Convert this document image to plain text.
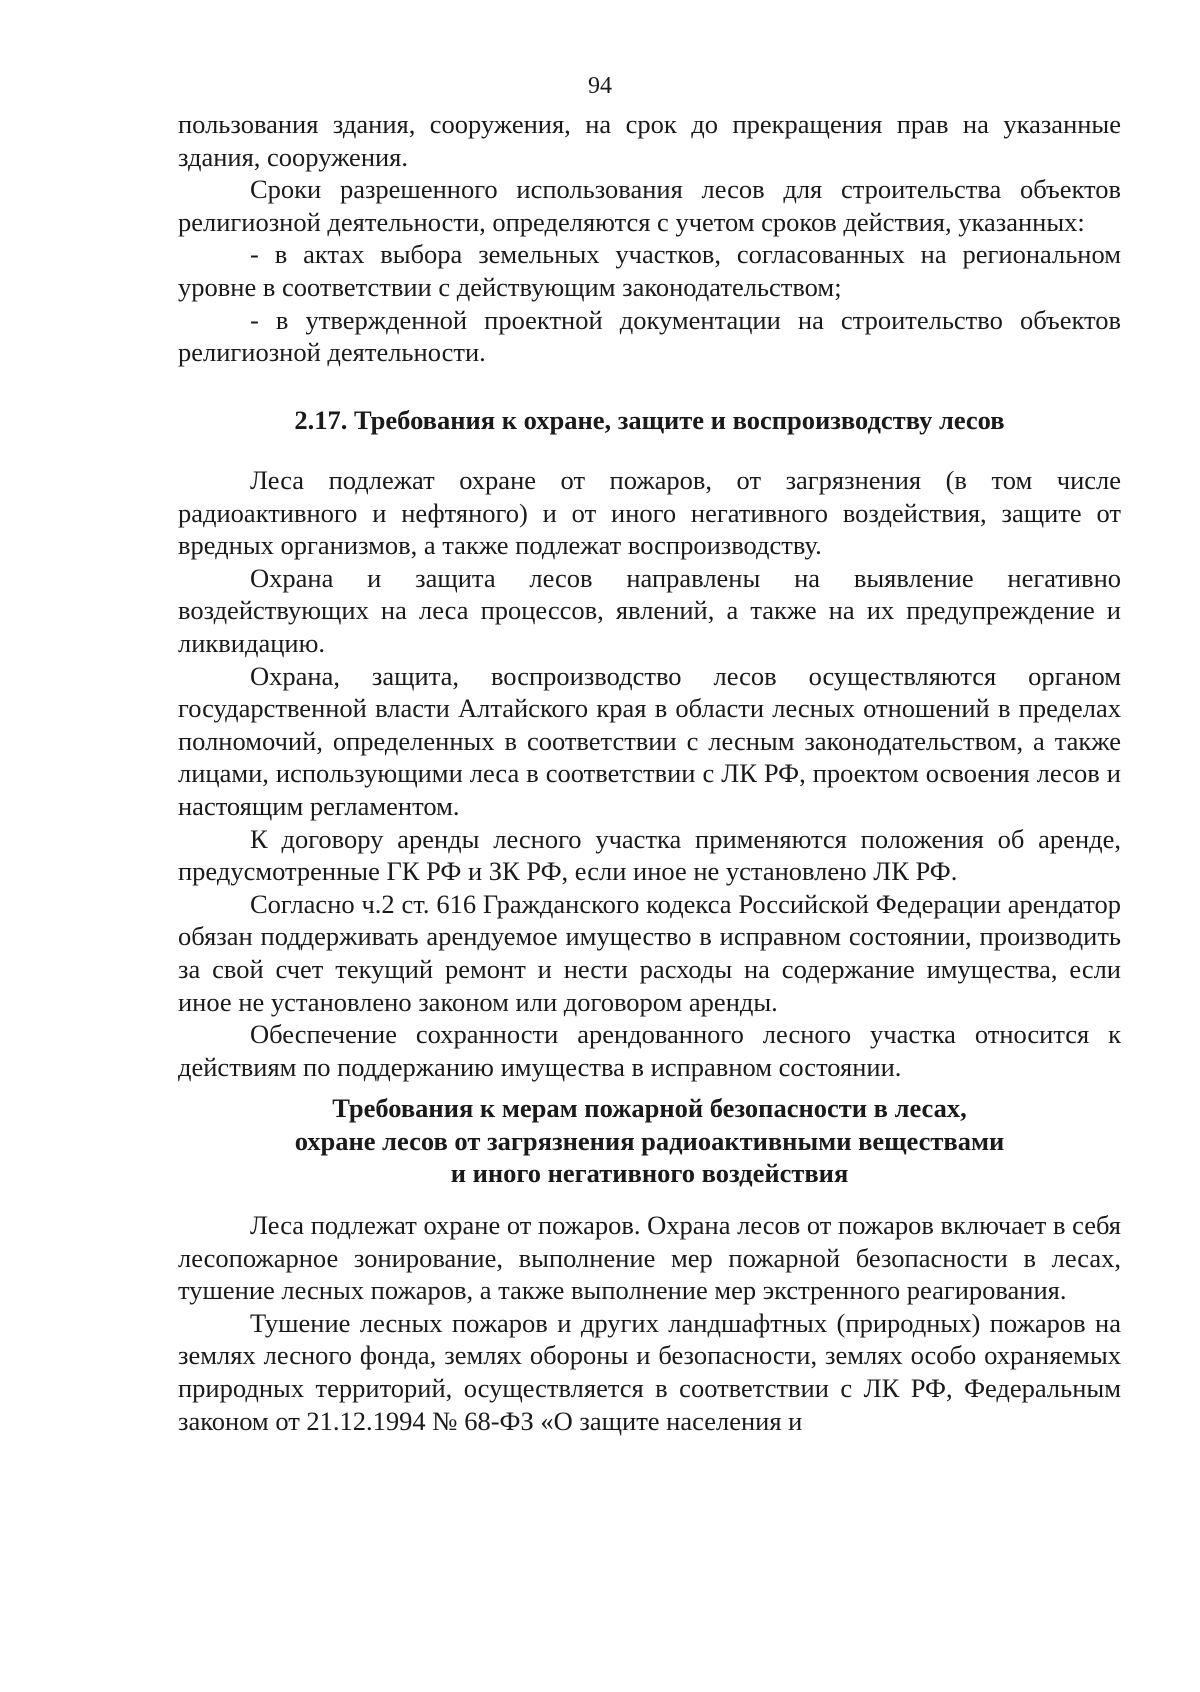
94

пользования здания, сооружения, на срок до прекращения прав на указанные здания, сооружения.

Сроки разрешенного использования лесов для строительства объектов религиозной деятельности, определяются с учетом сроков действия, указанных:

- в актах выбора земельных участков, согласованных на региональном уровне в соответствии с действующим законодательством;

- в утвержденной проектной документации на строительство объектов религиозной деятельности.

2.17. Требования к охране, защите и воспроизводству лесов

Леса подлежат охране от пожаров, от загрязнения (в том числе радиоактивного и нефтяного) и от иного негативного воздействия, защите от вредных организмов, а также подлежат воспроизводству.

Охрана и защита лесов направлены на выявление негативно воздействующих на леса процессов, явлений, а также на их предупреждение и ликвидацию.

Охрана, защита, воспроизводство лесов осуществляются органом государственной власти Алтайского края в области лесных отношений в пределах полномочий, определенных в соответствии с лесным законодательством, а также лицами, использующими леса в соответствии с ЛК РФ, проектом освоения лесов и настоящим регламентом.

К договору аренды лесного участка применяются положения об аренде, предусмотренные ГК РФ и ЗК РФ, если иное не установлено ЛК РФ.

Согласно ч.2 ст. 616 Гражданского кодекса Российской Федерации арендатор обязан поддерживать арендуемое имущество в исправном состоянии, производить за свой счет текущий ремонт и нести расходы на содержание имущества, если иное не установлено законом или договором аренды.

Обеспечение сохранности арендованного лесного участка относится к действиям по поддержанию имущества в исправном состоянии.

Требования к мерам пожарной безопасности в лесах,
охране лесов от загрязнения радиоактивными веществами
и иного негативного воздействия

Леса подлежат охране от пожаров. Охрана лесов от пожаров включает в себя лесопожарное зонирование, выполнение мер пожарной безопасности в лесах, тушение лесных пожаров, а также выполнение мер экстренного реагирования.

Тушение лесных пожаров и других ландшафтных (природных) пожаров на землях лесного фонда, землях обороны и безопасности, землях особо охраняемых природных территорий, осуществляется в соответствии с ЛК РФ, Федеральным законом от 21.12.1994 № 68-ФЗ «О защите населения и
